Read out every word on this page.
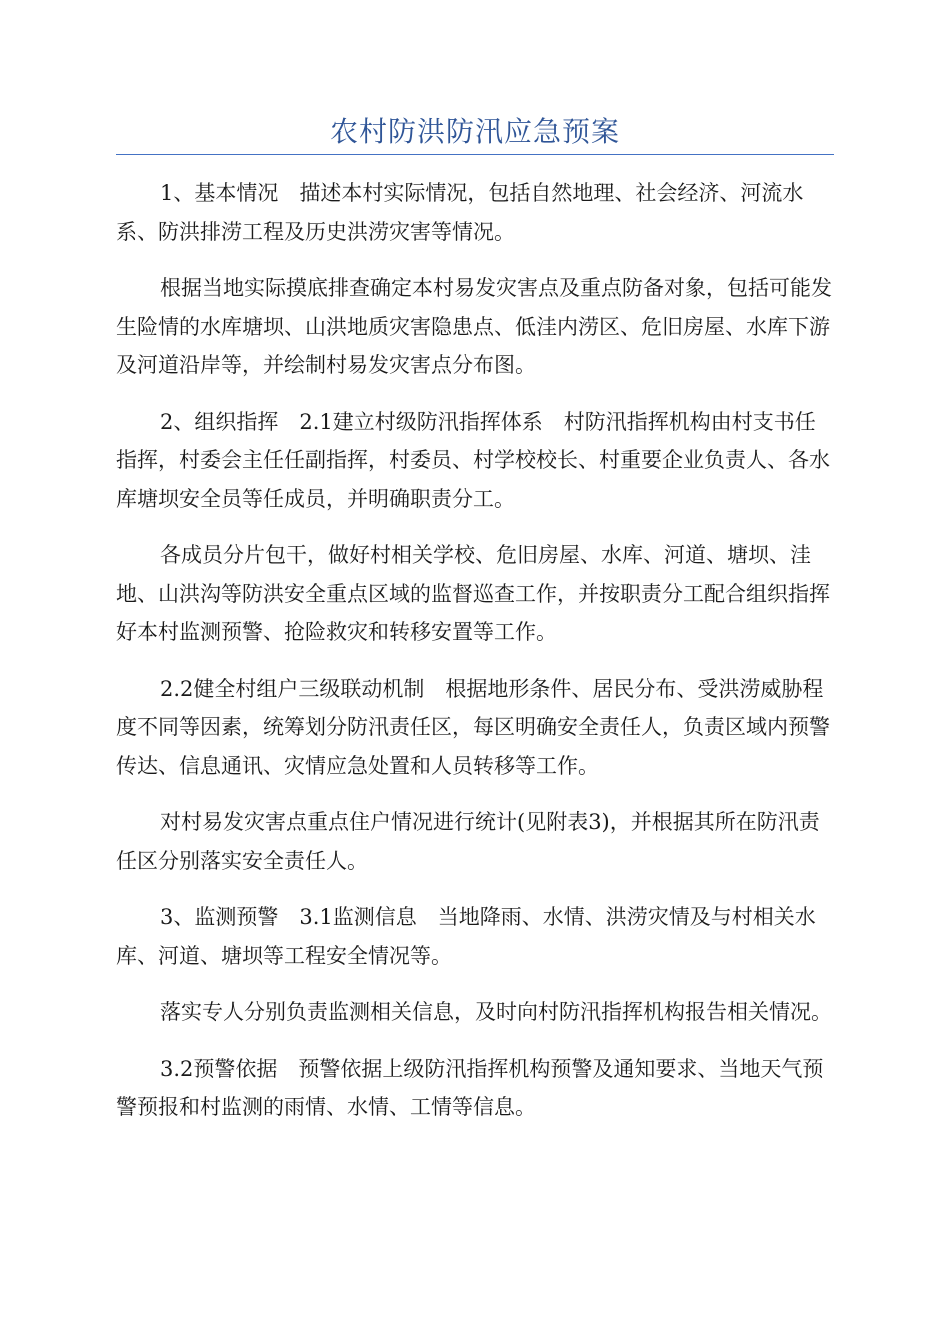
农村防洪防汛应急预案

1、基本情况　描述本村实际情况，包括自然地理、社会经济、河流水系、防洪排涝工程及历史洪涝灾害等情况。

根据当地实际摸底排查确定本村易发灾害点及重点防备对象，包括可能发生险情的水库塘坝、山洪地质灾害隐患点、低洼内涝区、危旧房屋、水库下游及河道沿岸等，并绘制村易发灾害点分布图。

2、组织指挥　2.1建立村级防汛指挥体系　村防汛指挥机构由村支书任指挥，村委会主任任副指挥，村委员、村学校校长、村重要企业负责人、各水库塘坝安全员等任成员，并明确职责分工。

各成员分片包干，做好村相关学校、危旧房屋、水库、河道、塘坝、洼地、山洪沟等防洪安全重点区域的监督巡查工作，并按职责分工配合组织指挥好本村监测预警、抢险救灾和转移安置等工作。

2.2健全村组户三级联动机制　根据地形条件、居民分布、受洪涝威胁程度不同等因素，统筹划分防汛责任区，每区明确安全责任人，负责区域内预警传达、信息通讯、灾情应急处置和人员转移等工作。

对村易发灾害点重点住户情况进行统计(见附表3)，并根据其所在防汛责任区分别落实安全责任人。

3、监测预警　3.1监测信息　当地降雨、水情、洪涝灾情及与村相关水库、河道、塘坝等工程安全情况等。

落实专人分别负责监测相关信息，及时向村防汛指挥机构报告相关情况。

3.2预警依据　预警依据上级防汛指挥机构预警及通知要求、当地天气预警预报和村监测的雨情、水情、工情等信息。
